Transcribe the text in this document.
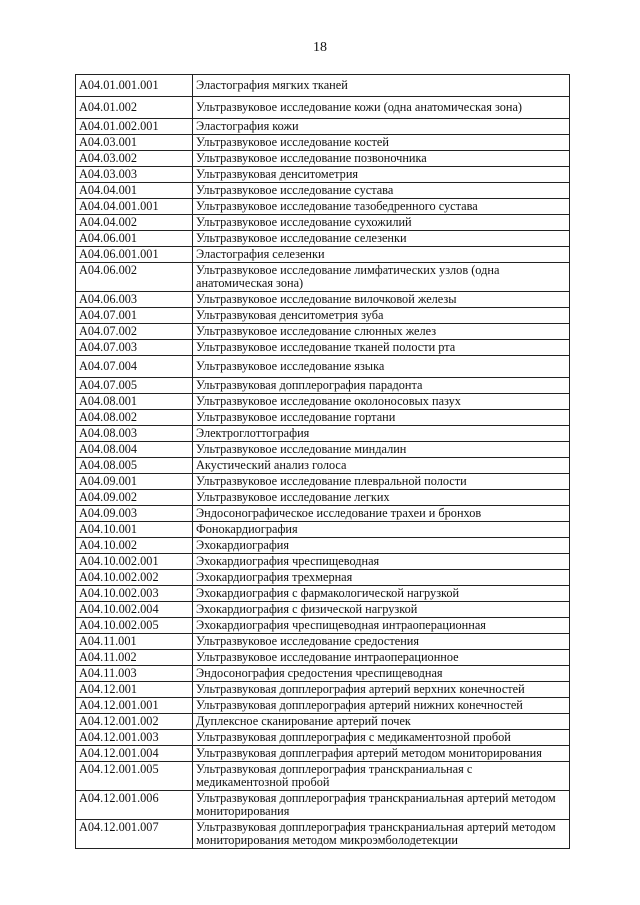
18
A04.01.001.001	Эластография мягких тканей
A04.01.002	Ультразвуковое исследование кожи (одна анатомическая зона)
A04.01.002.001	Эластография кожи
A04.03.001	Ультразвуковое исследование костей
A04.03.002	Ультразвуковое исследование позвоночника
A04.03.003	Ультразвуковая денситометрия
A04.04.001	Ультразвуковое исследование сустава
A04.04.001.001	Ультразвуковое исследование тазобедренного сустава
A04.04.002	Ультразвуковое исследование сухожилий
A04.06.001	Ультразвуковое исследование селезенки
A04.06.001.001	Эластография селезенки
A04.06.002	Ультразвуковое исследование лимфатических узлов (одна анатомическая зона)
A04.06.003	Ультразвуковое исследование вилочковой железы
A04.07.001	Ультразвуковая денситометрия зуба
A04.07.002	Ультразвуковое исследование слюнных желез
A04.07.003	Ультразвуковое исследование тканей полости рта
A04.07.004	Ультразвуковое исследование языка
A04.07.005	Ультразвуковая допплерография парадонта
A04.08.001	Ультразвуковое исследование околоносовых пазух
A04.08.002	Ультразвуковое исследование гортани
A04.08.003	Электроглоттография
A04.08.004	Ультразвуковое исследование миндалин
A04.08.005	Акустический анализ голоса
A04.09.001	Ультразвуковое исследование плевральной полости
A04.09.002	Ультразвуковое исследование легких
A04.09.003	Эндосонографическое исследование трахеи и бронхов
A04.10.001	Фонокардиография
A04.10.002	Эхокардиография
A04.10.002.001	Эхокардиография чреспищеводная
A04.10.002.002	Эхокардиография трехмерная
A04.10.002.003	Эхокардиография с фармакологической нагрузкой
A04.10.002.004	Эхокардиография с физической нагрузкой
A04.10.002.005	Эхокардиография чреспищеводная интраоперационная
A04.11.001	Ультразвуковое исследование средостения
A04.11.002	Ультразвуковое исследование интраоперационное
A04.11.003	Эндосонография средостения чреспищеводная
A04.12.001	Ультразвуковая допплерография артерий верхних конечностей
A04.12.001.001	Ультразвуковая допплерография артерий нижних конечностей
A04.12.001.002	Дуплексное сканирование артерий почек
A04.12.001.003	Ультразвуковая допплерография с медикаментозной пробой
A04.12.001.004	Ультразвуковая допплеграфия артерий методом мониторирования
A04.12.001.005	Ультразвуковая допплерография транскраниальная с медикаментозной пробой
A04.12.001.006	Ультразвуковая допплерография транскраниальная артерий методом мониторирования
A04.12.001.007	Ультразвуковая допплерография транскраниальная артерий методом мониторирования методом микроэмболодетекции
